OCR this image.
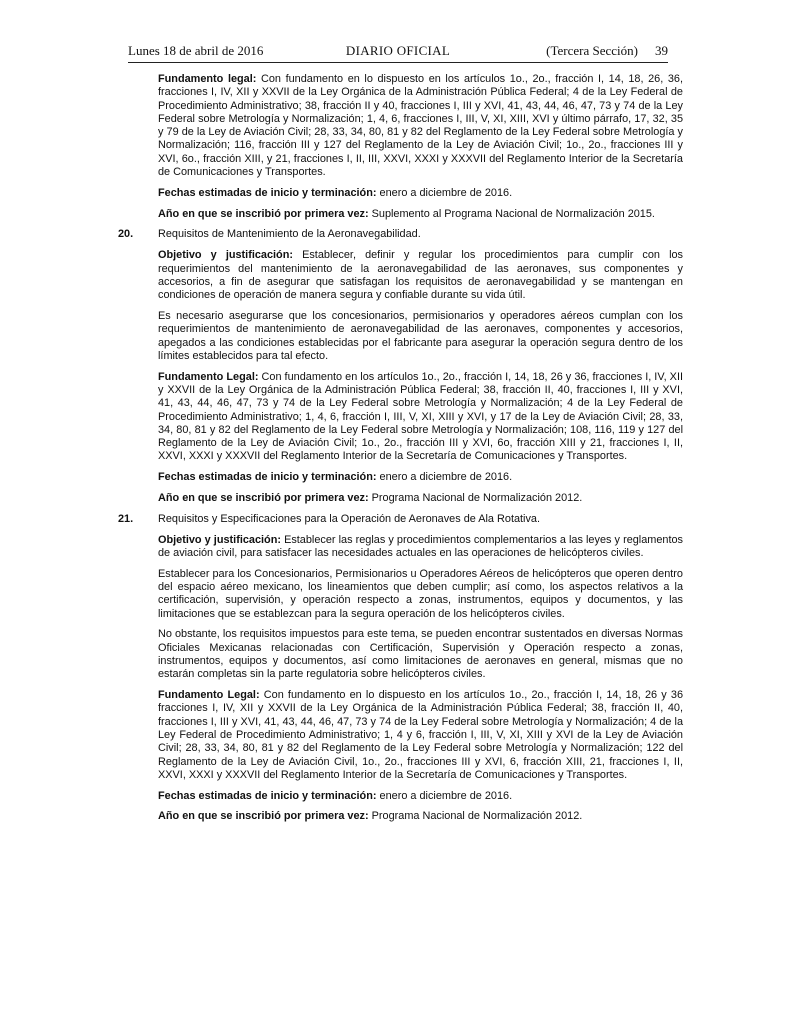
Lunes 18 de abril de 2016	DIARIO OFICIAL	(Tercera Sección) 39

Fundamento legal: Con fundamento en lo dispuesto en los artículos 1o., 2o., fracción I, 14, 18, 26, 36, fracciones I, IV, XII y XXVII de la Ley Orgánica de la Administración Pública Federal; 4 de la Ley Federal de Procedimiento Administrativo; 38, fracción II y 40, fracciones I, III y XVI, 41, 43, 44, 46, 47, 73 y 74 de la Ley Federal sobre Metrología y Normalización; 1, 4, 6, fracciones I, III, V, XI, XIII, XVI y último párrafo, 17, 32, 35 y 79 de la Ley de Aviación Civil; 28, 33, 34, 80, 81 y 82 del Reglamento de la Ley Federal sobre Metrología y Normalización; 116, fracción III y 127 del Reglamento de la Ley de Aviación Civil; 1o., 2o., fracciones III y XVI, 6o., fracción XIII, y 21, fracciones I, II, III, XXVI, XXXI y XXXVII del Reglamento Interior de la Secretaría de Comunicaciones y Transportes.

Fechas estimadas de inicio y terminación: enero a diciembre de 2016.

Año en que se inscribió por primera vez: Suplemento al Programa Nacional de Normalización 2015.

20. Requisitos de Mantenimiento de la Aeronavegabilidad.

Objetivo y justificación: Establecer, definir y regular los procedimientos para cumplir con los requerimientos del mantenimiento de la aeronavegabilidad de las aeronaves, sus componentes y accesorios, a fin de asegurar que satisfagan los requisitos de aeronavegabilidad y se mantengan en condiciones de operación de manera segura y confiable durante su vida útil.

Es necesario asegurarse que los concesionarios, permisionarios y operadores aéreos cumplan con los requerimientos de mantenimiento de aeronavegabilidad de las aeronaves, componentes y accesorios, apegados a las condiciones establecidas por el fabricante para asegurar la operación segura dentro de los límites establecidos para tal efecto.

Fundamento Legal: Con fundamento en los artículos 1o., 2o., fracción I, 14, 18, 26 y 36, fracciones I, IV, XII y XXVII de la Ley Orgánica de la Administración Pública Federal; 38, fracción II, 40, fracciones I, III y XVI, 41, 43, 44, 46, 47, 73 y 74 de la Ley Federal sobre Metrología y Normalización; 4 de la Ley Federal de Procedimiento Administrativo; 1, 4, 6, fracción I, III, V, XI, XIII y XVI, y 17 de la Ley de Aviación Civil; 28, 33, 34, 80, 81 y 82 del Reglamento de la Ley Federal sobre Metrología y Normalización; 108, 116, 119 y 127 del Reglamento de la Ley de Aviación Civil; 1o., 2o., fracción III y XVI, 6o, fracción XIII y 21, fracciones I, II, XXVI, XXXI y XXXVII del Reglamento Interior de la Secretaría de Comunicaciones y Transportes.

Fechas estimadas de inicio y terminación: enero a diciembre de 2016.

Año en que se inscribió por primera vez: Programa Nacional de Normalización 2012.

21. Requisitos y Especificaciones para la Operación de Aeronaves de Ala Rotativa.

Objetivo y justificación: Establecer las reglas y procedimientos complementarios a las leyes y reglamentos de aviación civil, para satisfacer las necesidades actuales en las operaciones de helicópteros civiles.

Establecer para los Concesionarios, Permisionarios u Operadores Aéreos de helicópteros que operen dentro del espacio aéreo mexicano, los lineamientos que deben cumplir; así como, los aspectos relativos a la certificación, supervisión, y operación respecto a zonas, instrumentos, equipos y documentos, y las limitaciones que se establezcan para la segura operación de los helicópteros civiles.

No obstante, los requisitos impuestos para este tema, se pueden encontrar sustentados en diversas Normas Oficiales Mexicanas relacionadas con Certificación, Supervisión y Operación respecto a zonas, instrumentos, equipos y documentos, así como limitaciones de aeronaves en general, mismas que no estarán completas sin la parte regulatoria sobre helicópteros civiles.

Fundamento Legal: Con fundamento en lo dispuesto en los artículos 1o., 2o., fracción I, 14, 18, 26 y 36 fracciones I, IV, XII y XXVII de la Ley Orgánica de la Administración Pública Federal; 38, fracción II, 40, fracciones I, III y XVI, 41, 43, 44, 46, 47, 73 y 74 de la Ley Federal sobre Metrología y Normalización; 4 de la Ley Federal de Procedimiento Administrativo; 1, 4 y 6, fracción I, III, V, XI, XIII y XVI de la Ley de Aviación Civil; 28, 33, 34, 80, 81 y 82 del Reglamento de la Ley Federal sobre Metrología y Normalización; 122 del Reglamento de la Ley de Aviación Civil, 1o., 2o., fracciones III y XVI, 6, fracción XIII, 21, fracciones I, II, XXVI, XXXI y XXXVII del Reglamento Interior de la Secretaría de Comunicaciones y Transportes.

Fechas estimadas de inicio y terminación: enero a diciembre de 2016.

Año en que se inscribió por primera vez: Programa Nacional de Normalización 2012.
